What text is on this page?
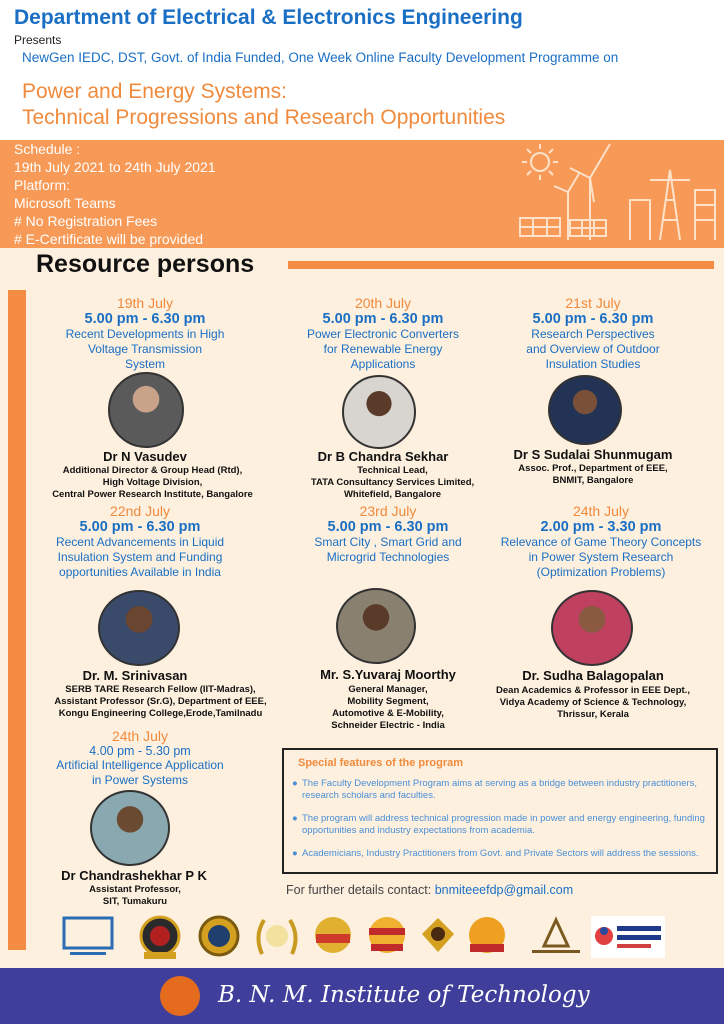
Department of Electrical & Electronics Engineering
Presents
NewGen IEDC, DST, Govt. of India Funded, One Week Online Faculty Development Programme on
Power and Energy Systems:
Technical Progressions and Research Opportunities
Schedule :
19th July 2021 to 24th July 2021
Platform:
Microsoft Teams
# No Registration Fees
# E-Certificate will be provided
Resource persons
19th July
5.00 pm - 6.30 pm
Recent Developments in High
Voltage Transmission
System
Dr N Vasudev
Additional Director & Group Head (Rtd),
High Voltage Division,
Central Power Research Institute, Bangalore
20th July
5.00 pm - 6.30 pm
Power Electronic Converters
for Renewable Energy
Applications
Dr B Chandra Sekhar
Technical Lead,
TATA Consultancy Services Limited,
Whitefield, Bangalore
21st July
5.00 pm - 6.30 pm
Research Perspectives
and Overview of Outdoor
Insulation Studies
Dr S Sudalai Shunmugam
Assoc. Prof., Department of EEE,
BNMIT, Bangalore
22nd July
5.00 pm - 6.30 pm
Recent Advancements in Liquid
Insulation System and Funding
opportunities Available in India
Dr. M. Srinivasan
SERB TARE Research Fellow (IIT-Madras),
Assistant Professor (Sr.G), Department of EEE,
Kongu Engineering College,Erode,Tamilnadu
23rd July
5.00 pm - 6.30 pm
Smart City , Smart Grid and
Microgrid Technologies
Mr. S.Yuvaraj Moorthy
General Manager,
Mobility Segment,
Automotive & E-Mobility,
Schneider Electric - India
24th July
2.00 pm - 3.30 pm
Relevance of Game Theory Concepts
in Power System Research
(Optimization Problems)
Dr. Sudha Balagopalan
Dean Academics & Professor in EEE Dept.,
Vidya Academy of Science & Technology,
Thrissur, Kerala
24th July
4.00 pm - 5.30 pm
Artificial Intelligence Application
in Power Systems
Dr Chandrashekhar P K
Assistant Professor,
SIT, Tumakuru
Special features of the program
● The Faculty Development Program aims at serving as a bridge between industry practitioners, research scholars and faculties.
● The program will address technical progression made in power and energy engineering, funding opportunities and industry expectations from academia.
● Academicians, Industry Practitioners from Govt. and Private Sectors will address the sessions.
For further details contact: bnmiteeefdp@gmail.com
B. N. M. Institute of Technology
